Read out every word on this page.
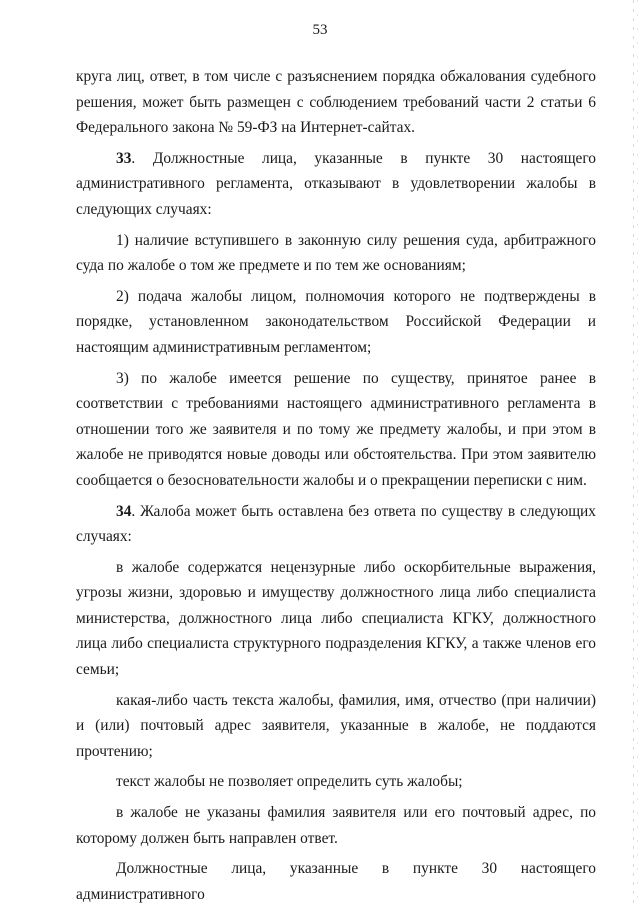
53

круга лиц, ответ, в том числе с разъяснением порядка обжалования судебного решения, может быть размещен с соблюдением требований части 2 статьи 6 Федерального закона № 59-ФЗ на Интернет-сайтах.

33. Должностные лица, указанные в пункте 30 настоящего административного регламента, отказывают в удовлетворении жалобы в следующих случаях:

1) наличие вступившего в законную силу решения суда, арбитражного суда по жалобе о том же предмете и по тем же основаниям;

2) подача жалобы лицом, полномочия которого не подтверждены в порядке, установленном законодательством Российской Федерации и настоящим административным регламентом;

3) по жалобе имеется решение по существу, принятое ранее в соответствии с требованиями настоящего административного регламента в отношении того же заявителя и по тому же предмету жалобы, и при этом в жалобе не приводятся новые доводы или обстоятельства. При этом заявителю сообщается о безосновательности жалобы и о прекращении переписки с ним.

34. Жалоба может быть оставлена без ответа по существу в следующих случаях:

в жалобе содержатся нецензурные либо оскорбительные выражения, угрозы жизни, здоровью и имуществу должностного лица либо специалиста министерства, должностного лица либо специалиста КГКУ, должностного лица либо специалиста структурного подразделения КГКУ, а также членов его семьи;

какая-либо часть текста жалобы, фамилия, имя, отчество (при наличии) и (или) почтовый адрес заявителя, указанные в жалобе, не поддаются прочтению;

текст жалобы не позволяет определить суть жалобы;

в жалобе не указаны фамилия заявителя или его почтовый адрес, по которому должен быть направлен ответ.

Должностные лица, указанные в пункте 30 настоящего административного
